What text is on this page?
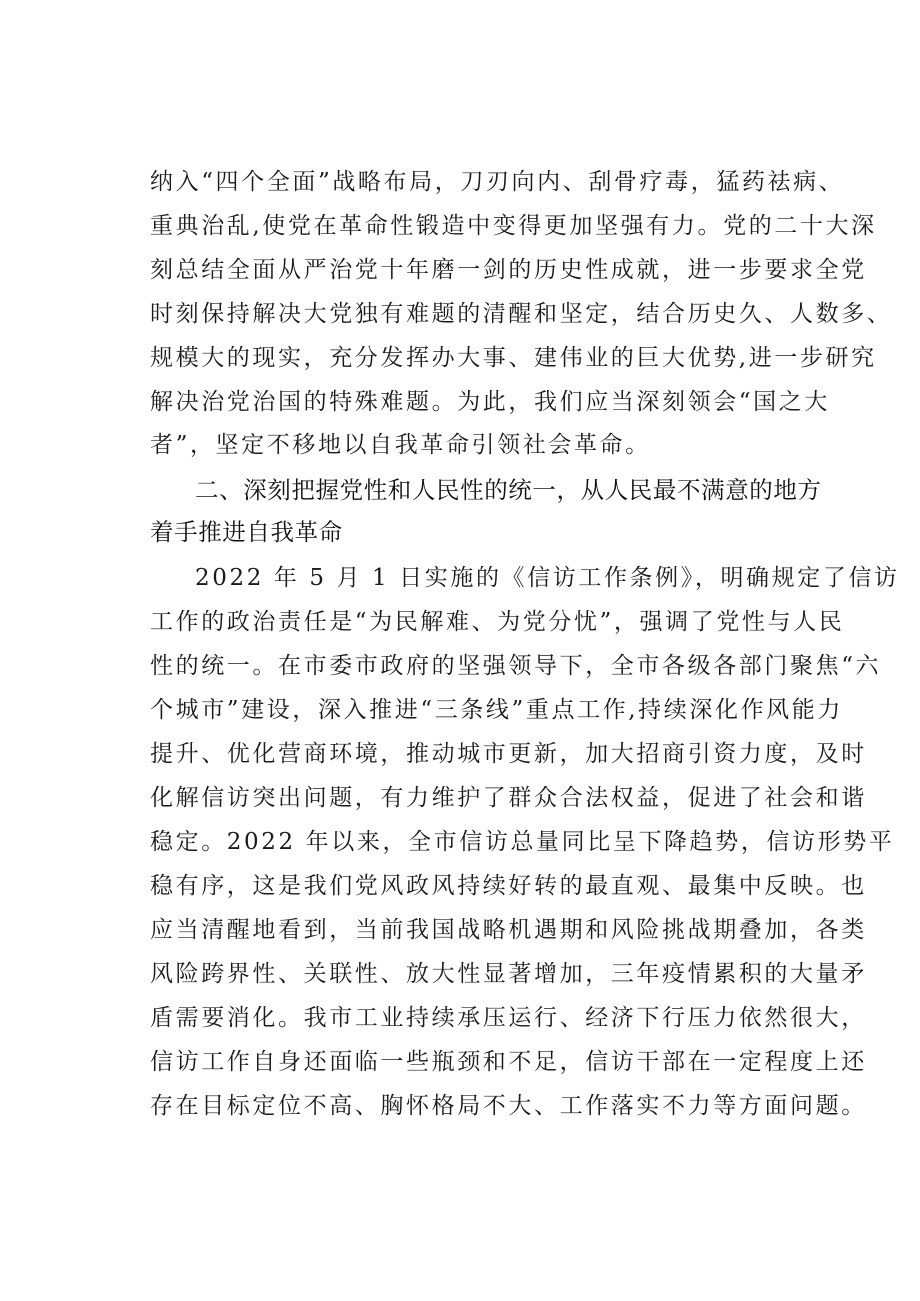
纳入“四个全面”战略布局，刀刃向内、刮骨疗毒，猛药祛病、
重典治乱,使党在革命性锻造中变得更加坚强有力。党的二十大深
刻总结全面从严治党十年磨一剑的历史性成就，进一步要求全党
时刻保持解决大党独有难题的清醒和坚定，结合历史久、人数多、
规模大的现实，充分发挥办大事、建伟业的巨大优势,进一步研究
解决治党治国的特殊难题。为此，我们应当深刻领会“国之大
者”，坚定不移地以自我革命引领社会革命。
二、深刻把握党性和人民性的统一，从人民最不满意的地方
着手推进自我革命
2022 年 5 月 1 日实施的《信访工作条例》，明确规定了信访
工作的政治责任是“为民解难、为党分忧”，强调了党性与人民
性的统一。在市委市政府的坚强领导下，全市各级各部门聚焦“六
个城市”建设，深入推进“三条线”重点工作,持续深化作风能力
提升、优化营商环境，推动城市更新，加大招商引资力度，及时
化解信访突出问题，有力维护了群众合法权益，促进了社会和谐
稳定。2022 年以来，全市信访总量同比呈下降趋势，信访形势平
稳有序，这是我们党风政风持续好转的最直观、最集中反映。也
应当清醒地看到，当前我国战略机遇期和风险挑战期叠加，各类
风险跨界性、关联性、放大性显著增加，三年疫情累积的大量矛
盾需要消化。我市工业持续承压运行、经济下行压力依然很大，
信访工作自身还面临一些瓶颈和不足，信访干部在一定程度上还
存在目标定位不高、胸怀格局不大、工作落实不力等方面问题。
